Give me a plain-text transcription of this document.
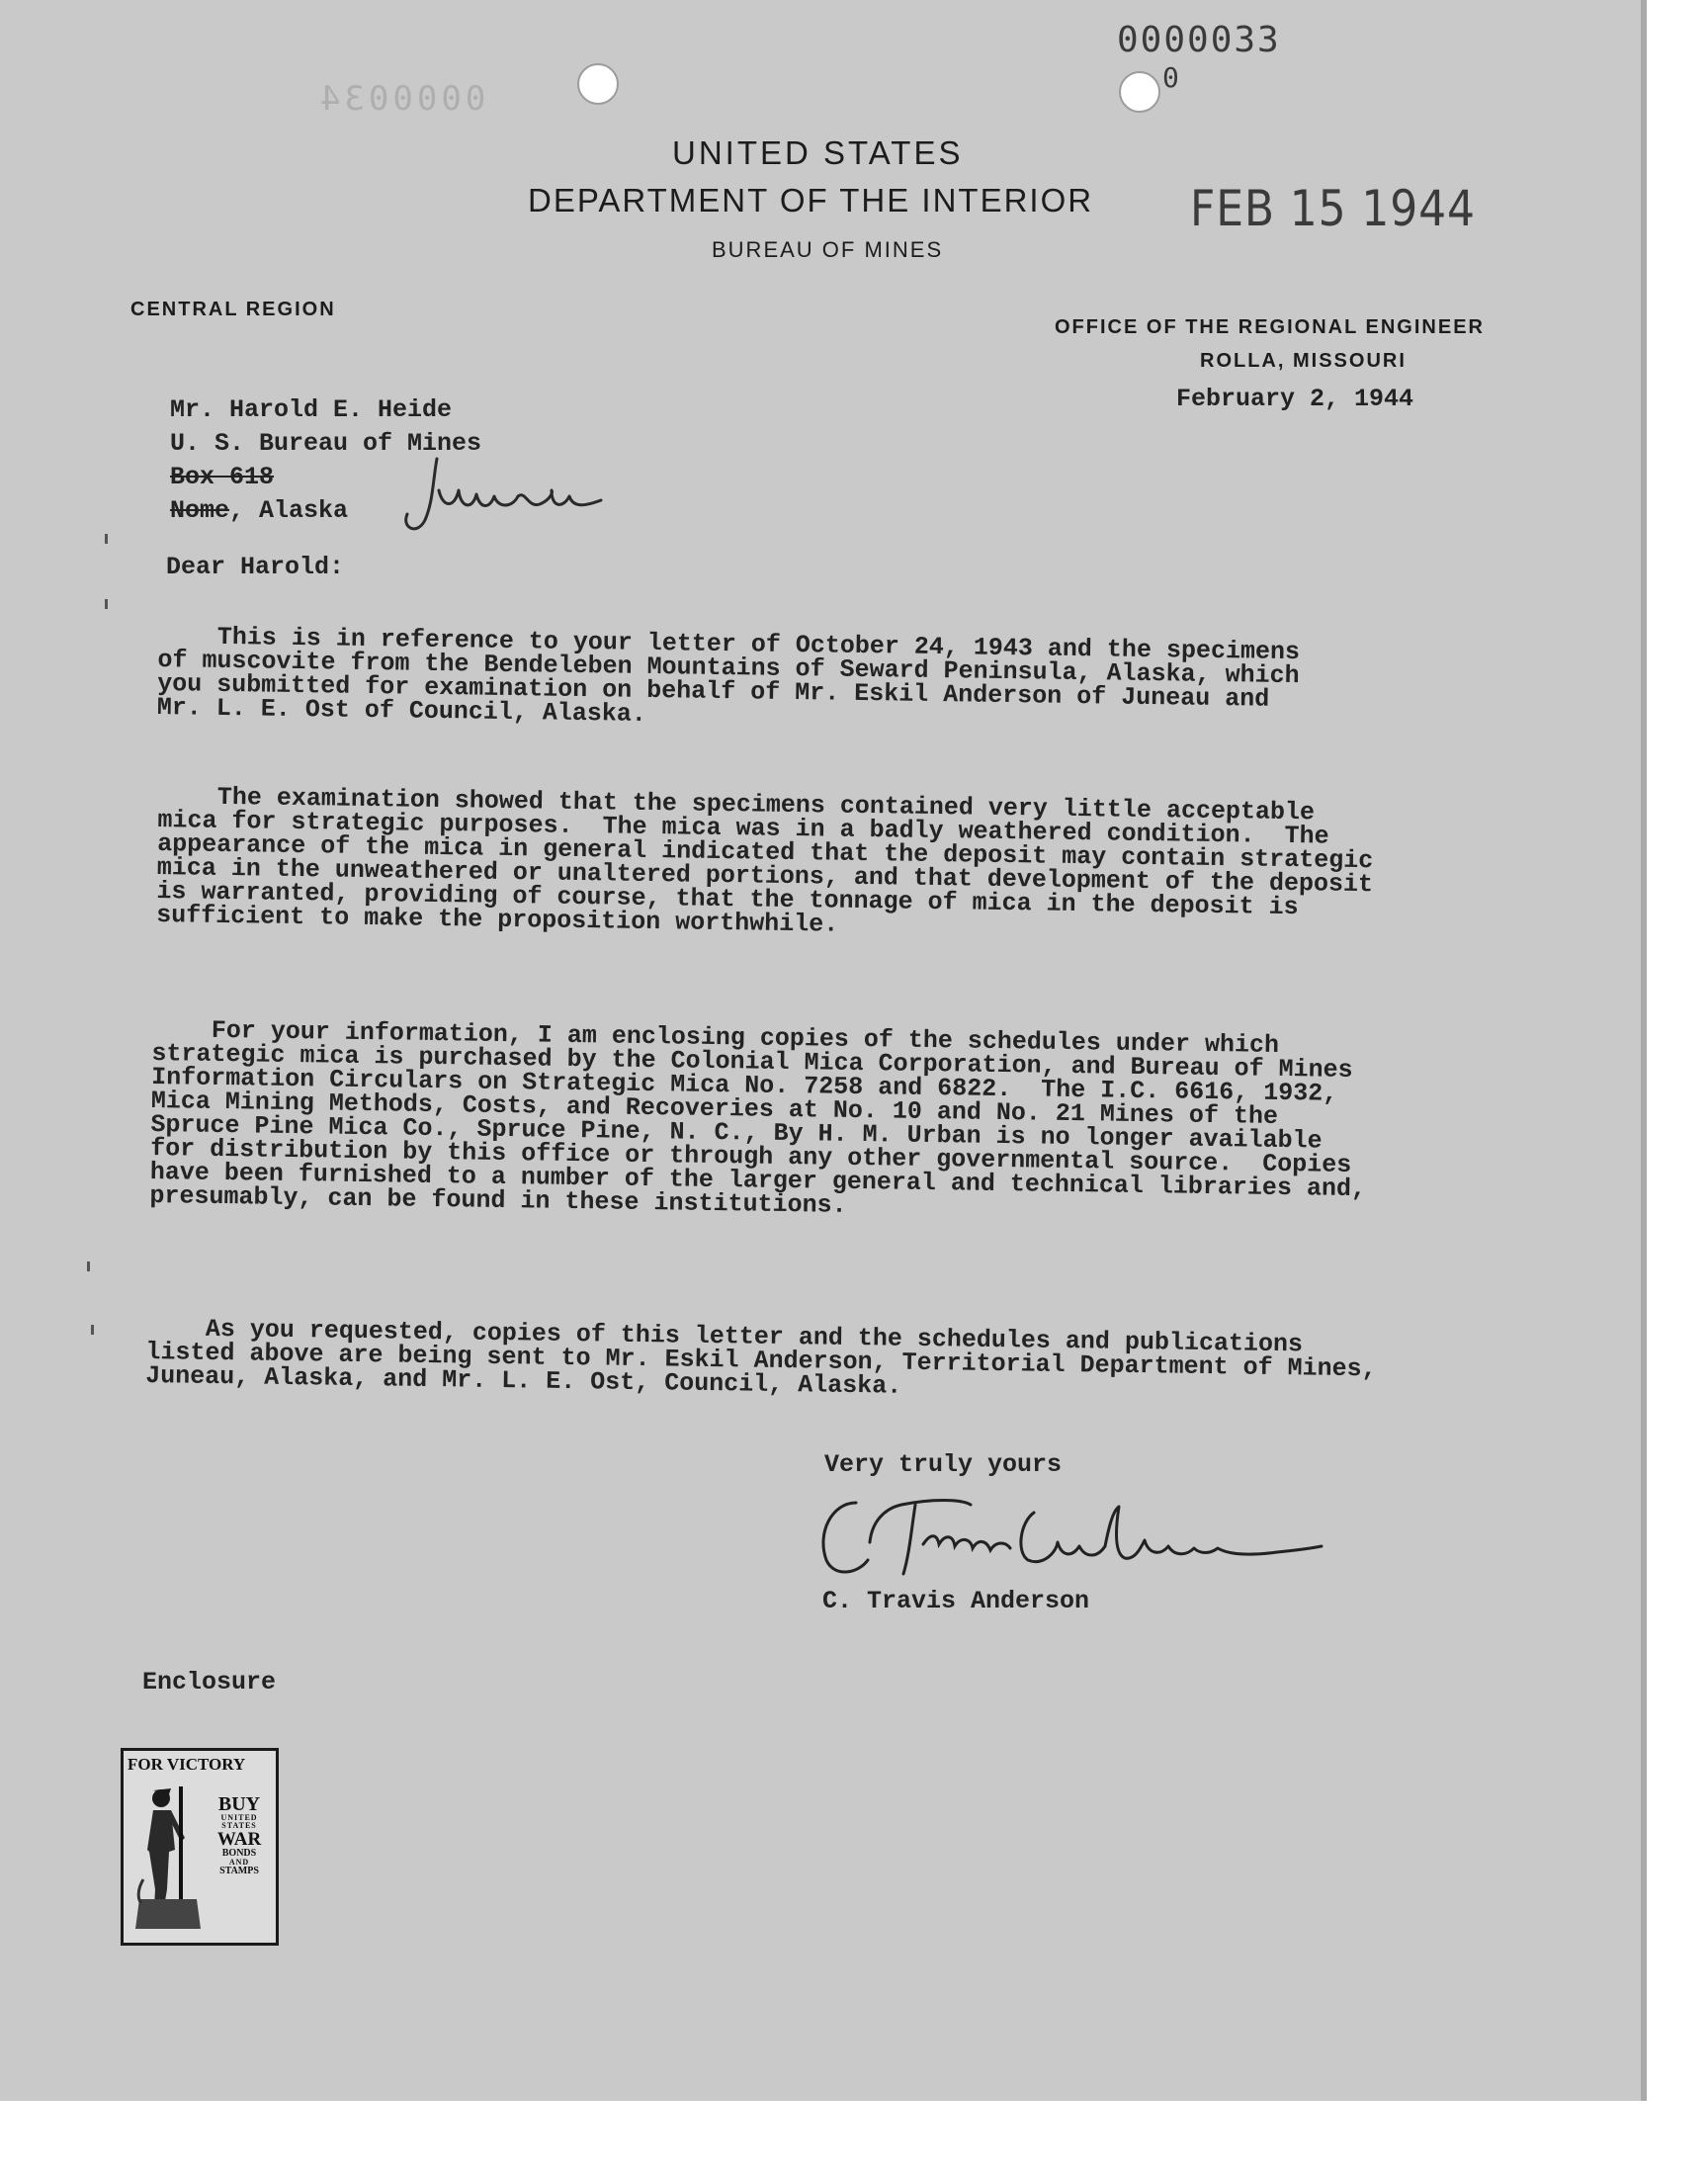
0000034
0000033
0
UNITED STATES
DEPARTMENT OF THE INTERIOR
BUREAU OF MINES
CENTRAL REGION
OFFICE OF THE REGIONAL ENGINEER
ROLLA, MISSOURI
FEB 15 1944
February 2, 1944
Mr. Harold E. Heide
U. S. Bureau of Mines
Box 618
Nome, Alaska
Dear Harold:
This is in reference to your letter of October 24, 1943 and the specimens
of muscovite from the Bendeleben Mountains of Seward Peninsula, Alaska, which
you submitted for examination on behalf of Mr. Eskil Anderson of Juneau and
Mr. L. E. Ost of Council, Alaska.
The examination showed that the specimens contained very little acceptable
mica for strategic purposes.  The mica was in a badly weathered condition.  The
appearance of the mica in general indicated that the deposit may contain strategic
mica in the unweathered or unaltered portions, and that development of the deposit
is warranted, providing of course, that the tonnage of mica in the deposit is
sufficient to make the proposition worthwhile.
For your information, I am enclosing copies of the schedules under which
strategic mica is purchased by the Colonial Mica Corporation, and Bureau of Mines
Information Circulars on Strategic Mica No. 7258 and 6822.  The I.C. 6616, 1932,
Mica Mining Methods, Costs, and Recoveries at No. 10 and No. 21 Mines of the
Spruce Pine Mica Co., Spruce Pine, N. C., By H. M. Urban is no longer available
for distribution by this office or through any other governmental source.  Copies
have been furnished to a number of the larger general and technical libraries and,
presumably, can be found in these institutions.
As you requested, copies of this letter and the schedules and publications
listed above are being sent to Mr. Eskil Anderson, Territorial Department of Mines,
Juneau, Alaska, and Mr. L. E. Ost, Council, Alaska.
Very truly yours
C. Travis Anderson
Enclosure
FOR VICTORY
BUY
UNITED
STATES
WAR
BONDS
AND
STAMPS
